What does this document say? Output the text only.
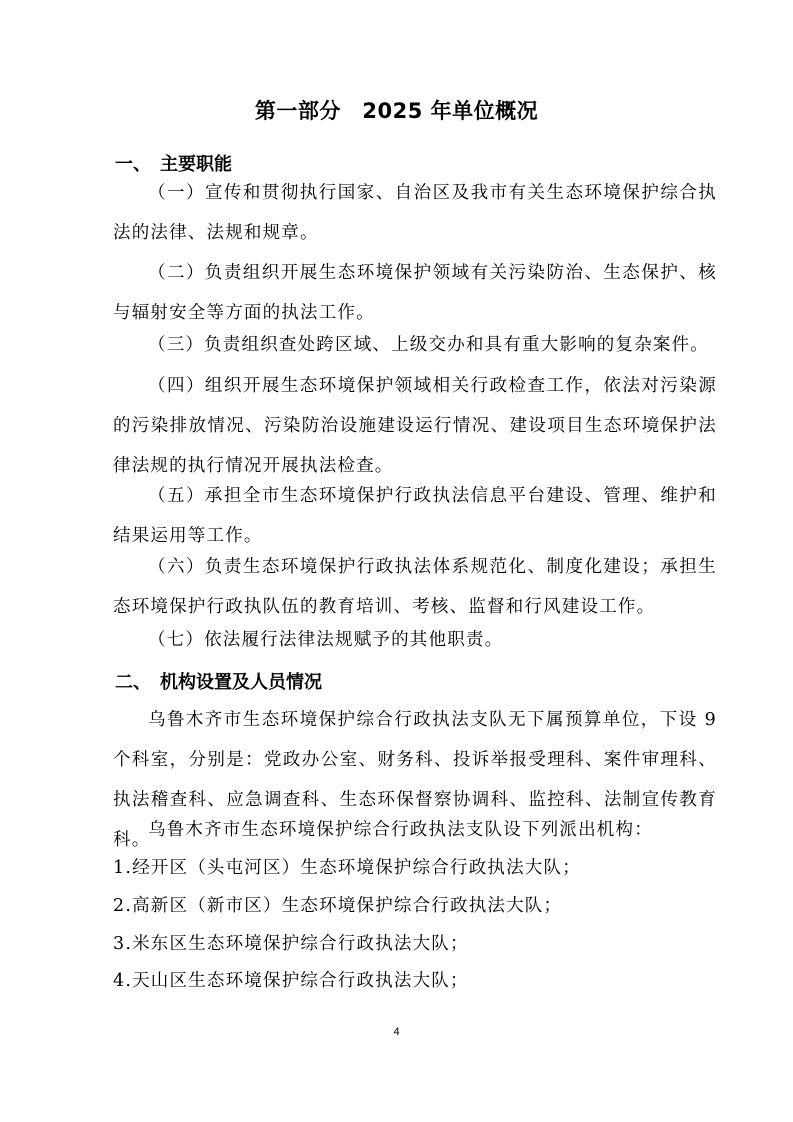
第一部分　2025 年单位概况
一、 主要职能
（一）宣传和贯彻执行国家、自治区及我市有关生态环境保护综合执法的法律、法规和规章。
（二）负责组织开展生态环境保护领域有关污染防治、生态保护、核与辐射安全等方面的执法工作。
（三）负责组织查处跨区域、上级交办和具有重大影响的复杂案件。
（四）组织开展生态环境保护领域相关行政检查工作，依法对污染源的污染排放情况、污染防治设施建设运行情况、建设项目生态环境保护法律法规的执行情况开展执法检查。
（五）承担全市生态环境保护行政执法信息平台建设、管理、维护和结果运用等工作。
（六）负责生态环境保护行政执法体系规范化、制度化建设；承担生态环境保护行政执队伍的教育培训、考核、监督和行风建设工作。
（七）依法履行法律法规赋予的其他职责。
二、 机构设置及人员情况
乌鲁木齐市生态环境保护综合行政执法支队无下属预算单位，下设 9 个科室，分别是：党政办公室、财务科、投诉举报受理科、案件审理科、执法稽查科、应急调查科、生态环保督察协调科、监控科、法制宣传教育科。
乌鲁木齐市生态环境保护综合行政执法支队设下列派出机构：
1.经开区（头屯河区）生态环境保护综合行政执法大队；
2.高新区（新市区）生态环境保护综合行政执法大队；
3.米东区生态环境保护综合行政执法大队；
4.天山区生态环境保护综合行政执法大队；
4
